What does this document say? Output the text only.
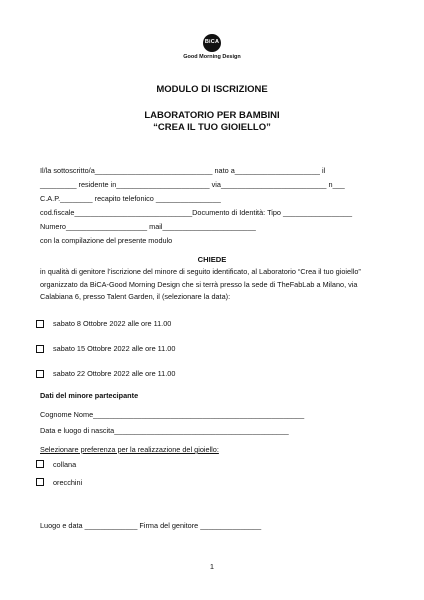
BiCA
Good Morning Design
MODULO DI ISCRIZIONE
LABORATORIO PER BAMBINI
“CREA IL TUO GIOIELLO”
Il/la sottoscritto/a_____________________________ nato a_____________________ il
_________ residente in_______________________ via__________________________ n___
C.A.P.________ recapito telefonico ________________
cod.fiscale_____________________________Documento di Identità: Tipo _________________
Numero____________________ mail_______________________
con la compilazione del presente modulo
CHIEDE
in qualità di genitore l’iscrizione del minore di seguito identificato, al Laboratorio “Crea il tuo gioiello” organizzato da BiCA-Good Morning Design che si terrà presso la sede di TheFabLab a Milano, via Calabiana 6, presso Talent Garden, il (selezionare la data):
sabato 8 Ottobre 2022 alle ore 11.00
sabato 15 Ottobre 2022 alle ore 11.00
sabato 22 Ottobre 2022 alle ore 11.00
Dati del minore partecipante
Cognome Nome____________________________________________________
Data e luogo di nascita___________________________________________
Selezionare preferenza per la realizzazione del gioiello:
collana
orecchini
Luogo e data _____________ Firma del genitore _______________
1
